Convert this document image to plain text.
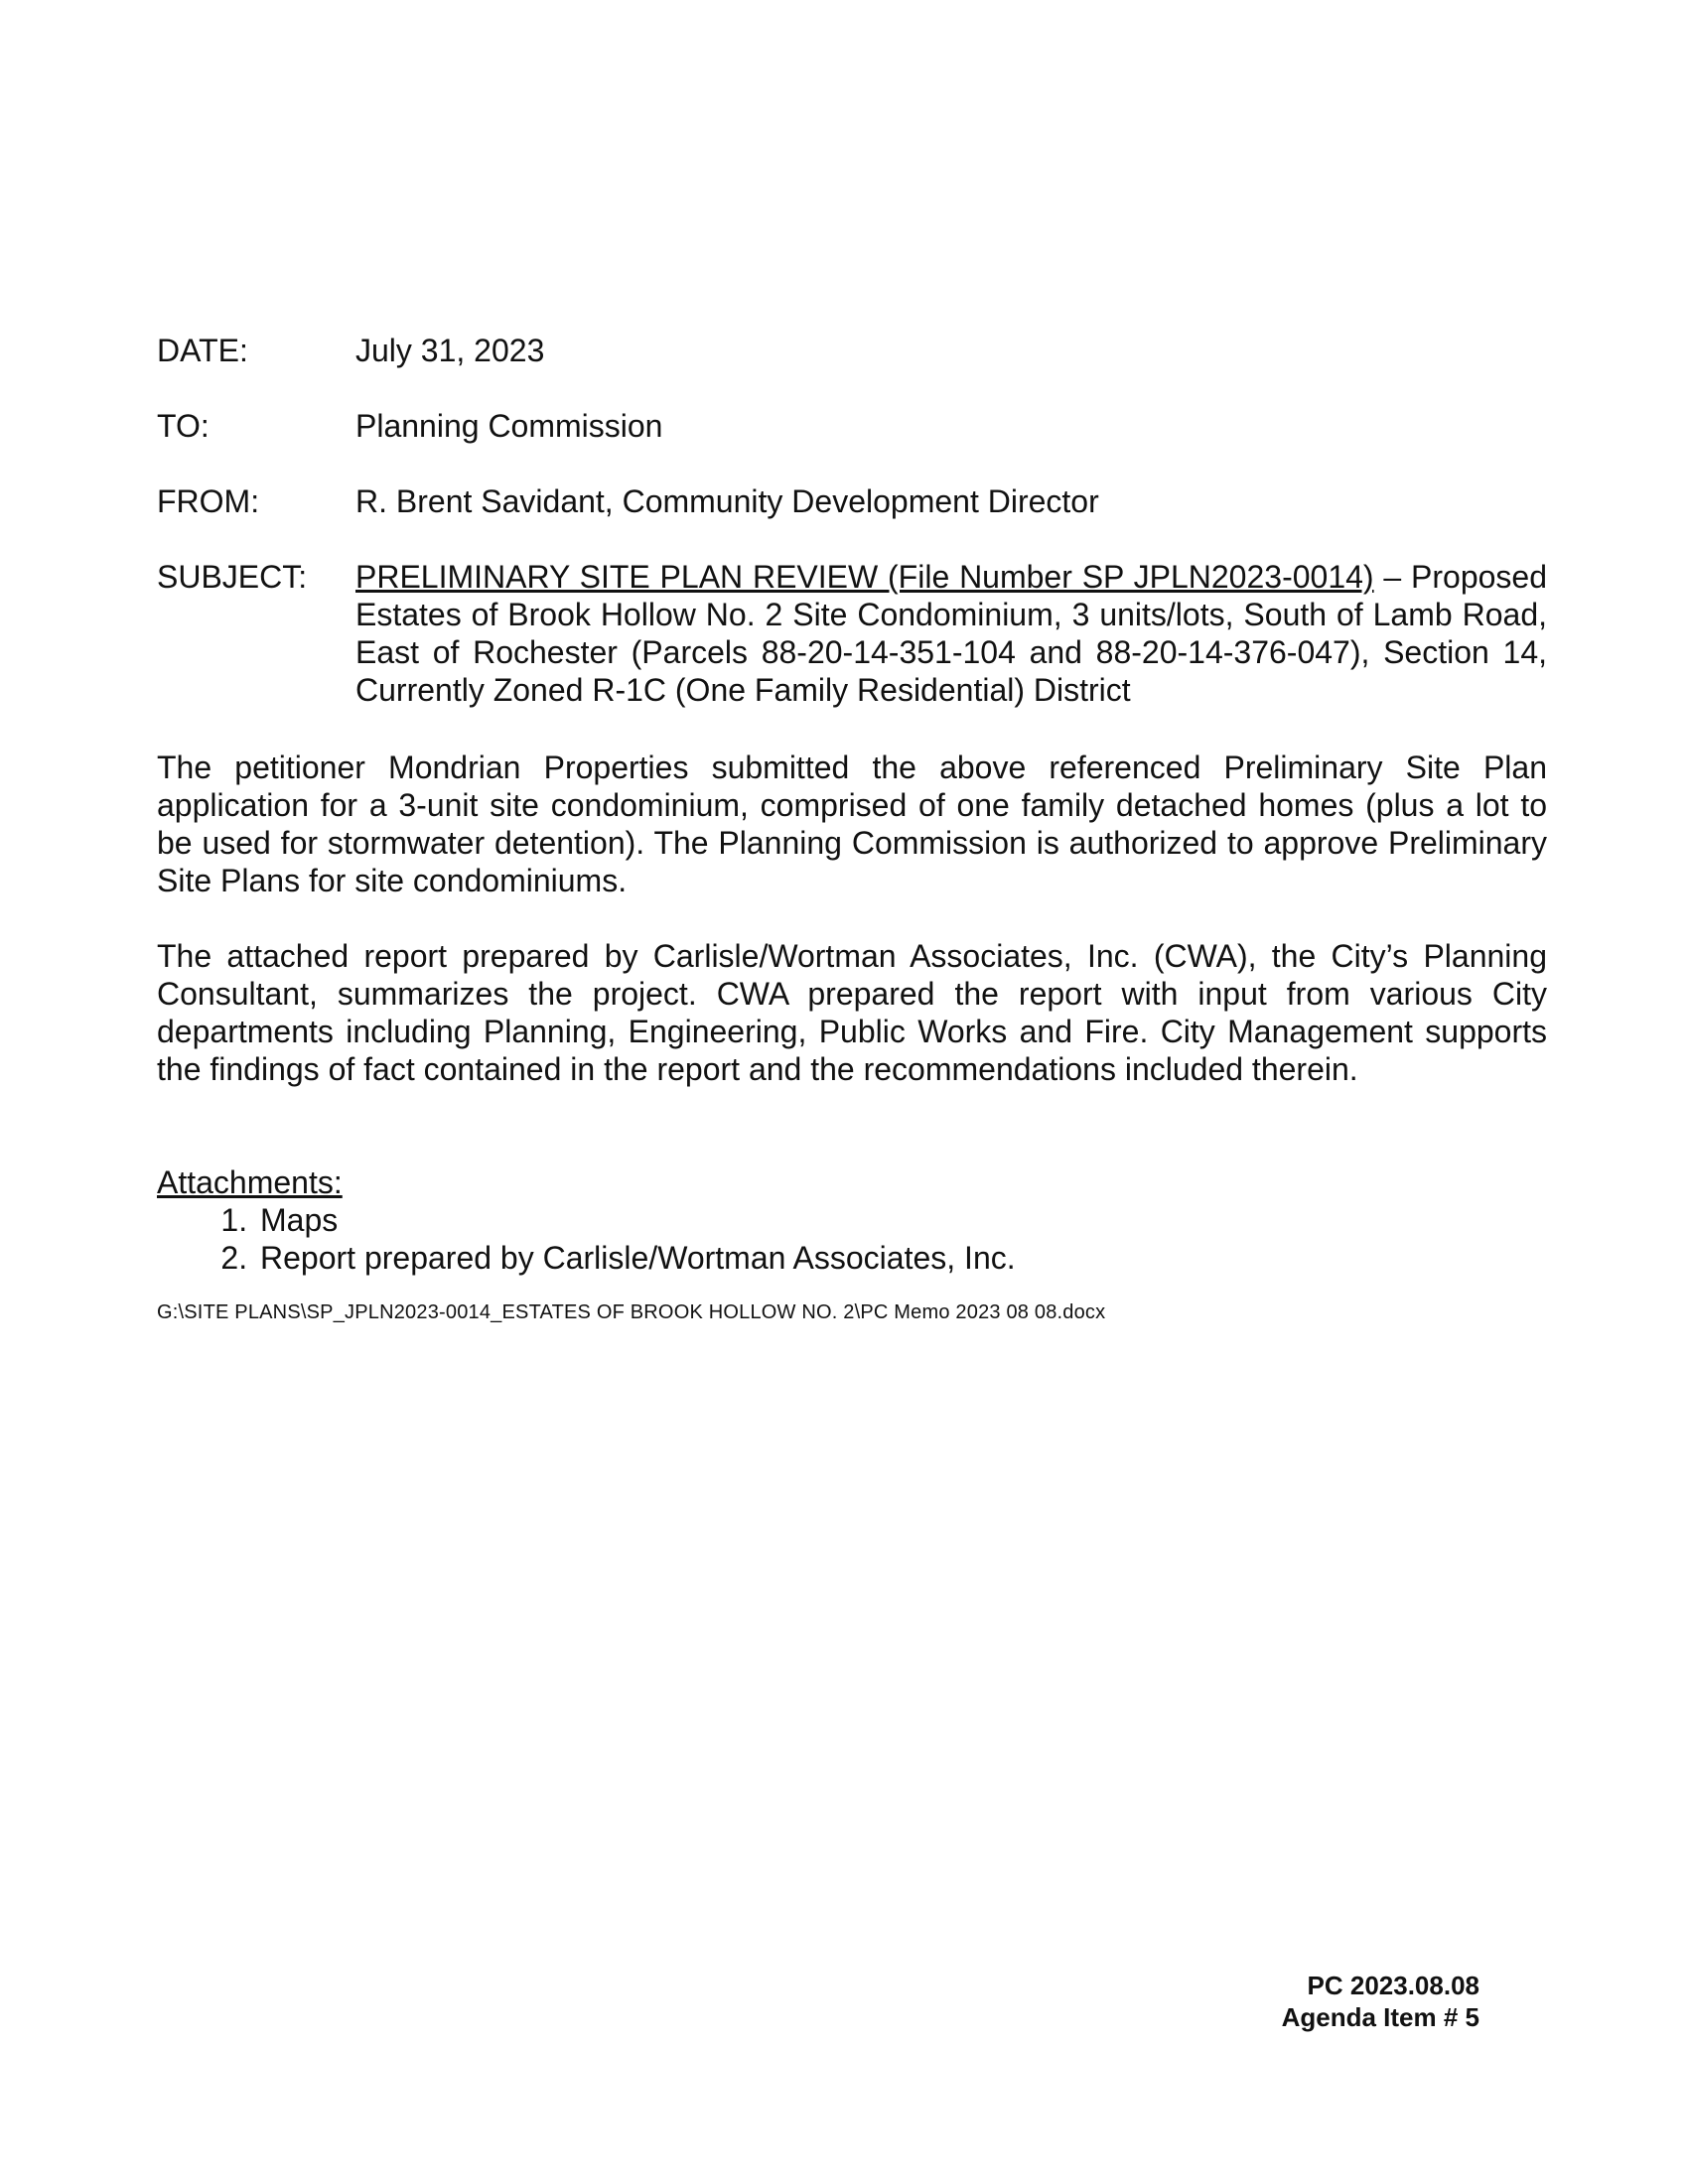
DATE:	July 31, 2023
TO:	Planning Commission
FROM:	R. Brent Savidant, Community Development Director
SUBJECT:	PRELIMINARY SITE PLAN REVIEW (File Number SP JPLN2023-0014) – Proposed Estates of Brook Hollow No. 2 Site Condominium, 3 units/lots, South of Lamb Road, East of Rochester (Parcels 88-20-14-351-104 and 88-20-14-376-047), Section 14, Currently Zoned R-1C (One Family Residential) District

The petitioner Mondrian Properties submitted the above referenced Preliminary Site Plan application for a 3-unit site condominium, comprised of one family detached homes (plus a lot to be used for stormwater detention). The Planning Commission is authorized to approve Preliminary Site Plans for site condominiums.

The attached report prepared by Carlisle/Wortman Associates, Inc. (CWA), the City’s Planning Consultant, summarizes the project. CWA prepared the report with input from various City departments including Planning, Engineering, Public Works and Fire. City Management supports the findings of fact contained in the report and the recommendations included therein.

Attachments:
1. Maps
2. Report prepared by Carlisle/Wortman Associates, Inc.
G:\SITE PLANS\SP_JPLN2023-0014_ESTATES OF BROOK HOLLOW NO. 2\PC Memo 2023 08 08.docx
PC 2023.08.08
Agenda Item # 5
